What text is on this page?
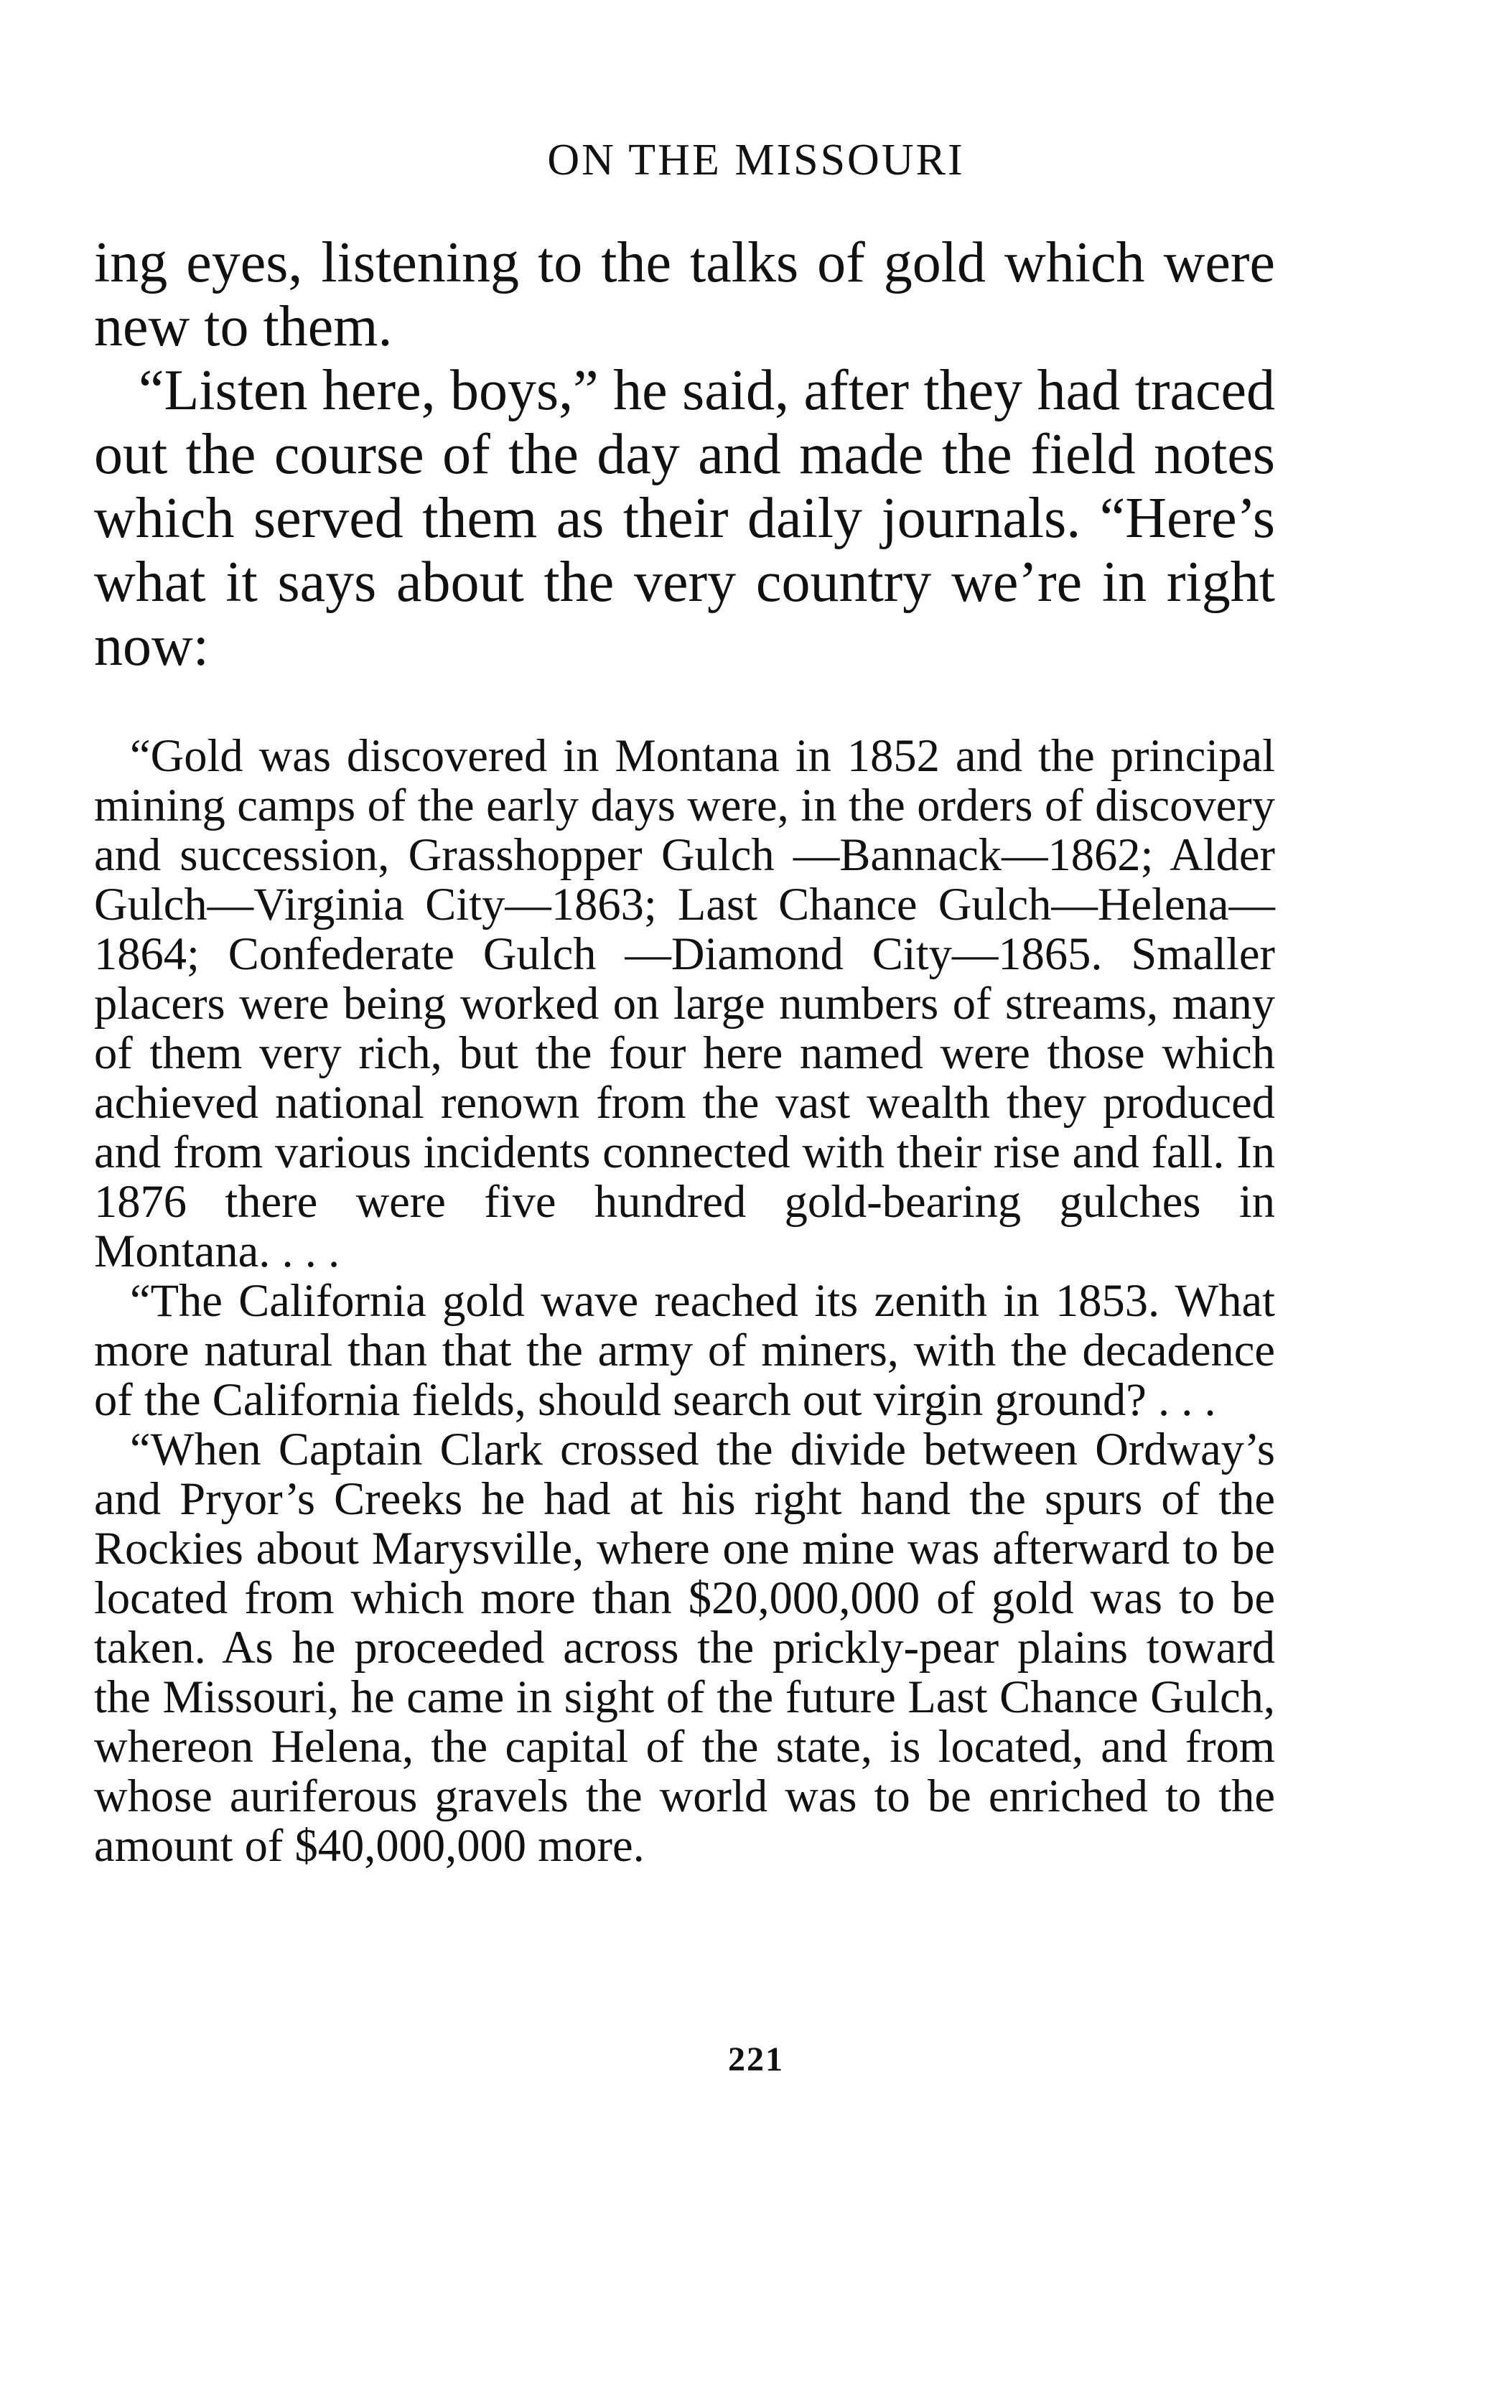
ON THE MISSOURI

ing eyes, listening to the talks of gold which were new to them.

“Listen here, boys,” he said, after they had traced out the course of the day and made the field notes which served them as their daily journals. “Here’s what it says about the very country we’re in right now:

“Gold was discovered in Montana in 1852 and the principal mining camps of the early days were, in the orders of discovery and succession, Grasshopper Gulch —Bannack—1862; Alder Gulch—Virginia City—1863; Last Chance Gulch—Helena—1864; Confederate Gulch —Diamond City—1865. Smaller placers were being worked on large numbers of streams, many of them very rich, but the four here named were those which achieved national renown from the vast wealth they produced and from various incidents connected with their rise and fall. In 1876 there were five hundred gold-bearing gulches in Montana. . . .

“The California gold wave reached its zenith in 1853. What more natural than that the army of miners, with the decadence of the California fields, should search out virgin ground? . . .

“When Captain Clark crossed the divide between Ordway’s and Pryor’s Creeks he had at his right hand the spurs of the Rockies about Marysville, where one mine was afterward to be located from which more than $20,000,000 of gold was to be taken. As he proceeded across the prickly-pear plains toward the Missouri, he came in sight of the future Last Chance Gulch, whereon Helena, the capital of the state, is located, and from whose auriferous gravels the world was to be enriched to the amount of $40,000,000 more.

221
